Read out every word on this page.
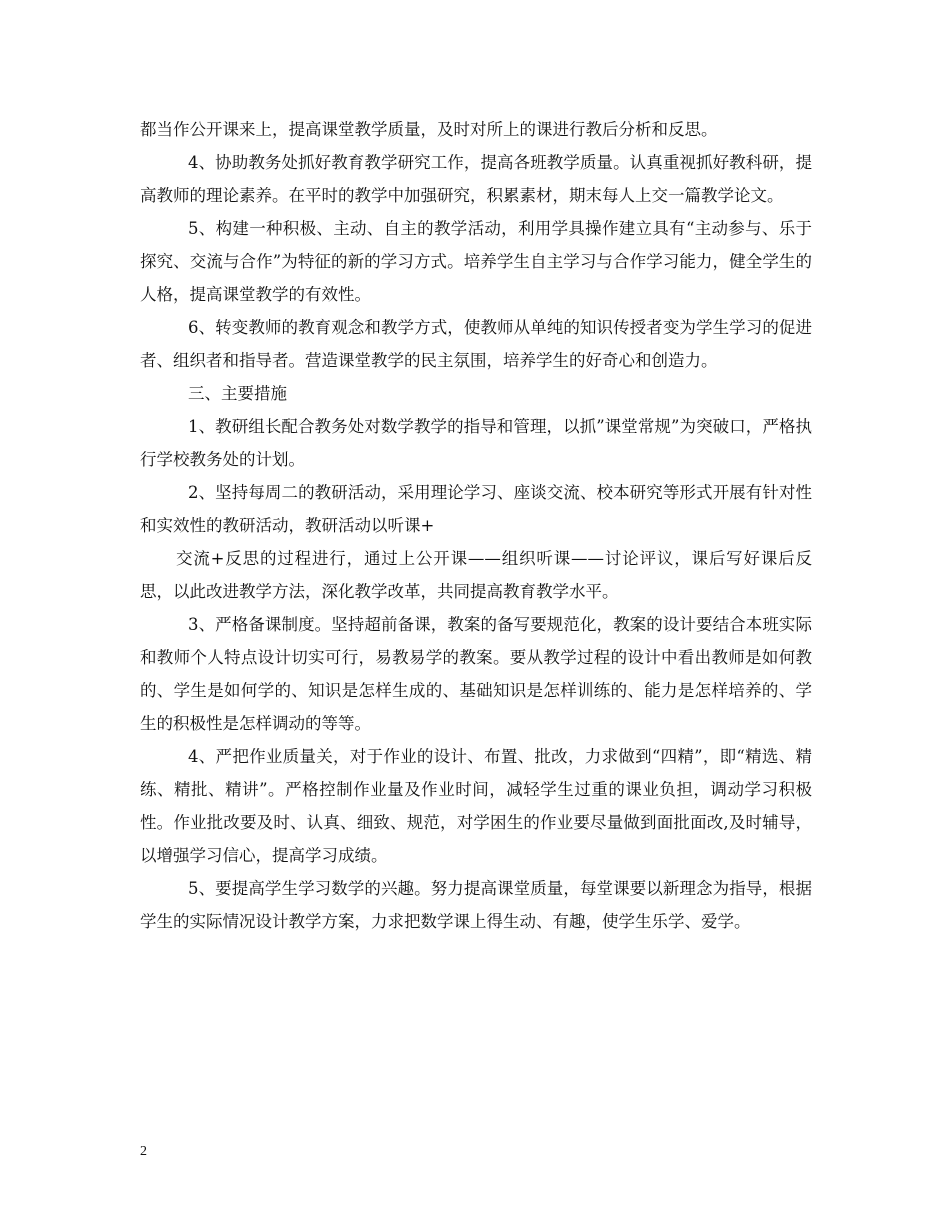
都当作公开课来上，提高课堂教学质量，及时对所上的课进行教后分析和反思。

4、协助教务处抓好教育教学研究工作，提高各班教学质量。认真重视抓好教科研，提高教师的理论素养。在平时的教学中加强研究，积累素材，期末每人上交一篇教学论文。

5、构建一种积极、主动、自主的教学活动，利用学具操作建立具有“主动参与、乐于探究、交流与合作”为特征的新的学习方式。培养学生自主学习与合作学习能力，健全学生的人格，提高课堂教学的有效性。

6、转变教师的教育观念和教学方式，使教师从单纯的知识传授者变为学生学习的促进者、组织者和指导者。营造课堂教学的民主氛围，培养学生的好奇心和创造力。

三、主要措施

1、教研组长配合教务处对数学教学的指导和管理，以抓”课堂常规”为突破口，严格执行学校教务处的计划。

2、坚持每周二的教研活动，采用理论学习、座谈交流、校本研究等形式开展有针对性和实效性的教研活动，教研活动以听课+

交流+反思的过程进行，通过上公开课——组织听课——讨论评议，课后写好课后反思，以此改进教学方法，深化教学改革，共同提高教育教学水平。

3、严格备课制度。坚持超前备课，教案的备写要规范化，教案的设计要结合本班实际和教师个人特点设计切实可行，易教易学的教案。要从教学过程的设计中看出教师是如何教的、学生是如何学的、知识是怎样生成的、基础知识是怎样训练的、能力是怎样培养的、学生的积极性是怎样调动的等等。

4、严把作业质量关，对于作业的设计、布置、批改，力求做到“四精”，即“精选、精练、精批、精讲”。严格控制作业量及作业时间，减轻学生过重的课业负担，调动学习积极性。作业批改要及时、认真、细致、规范，对学困生的作业要尽量做到面批面改,及时辅导，以增强学习信心，提高学习成绩。

5、要提高学生学习数学的兴趣。努力提高课堂质量，每堂课要以新理念为指导，根据学生的实际情况设计教学方案，力求把数学课上得生动、有趣，使学生乐学、爱学。

2
